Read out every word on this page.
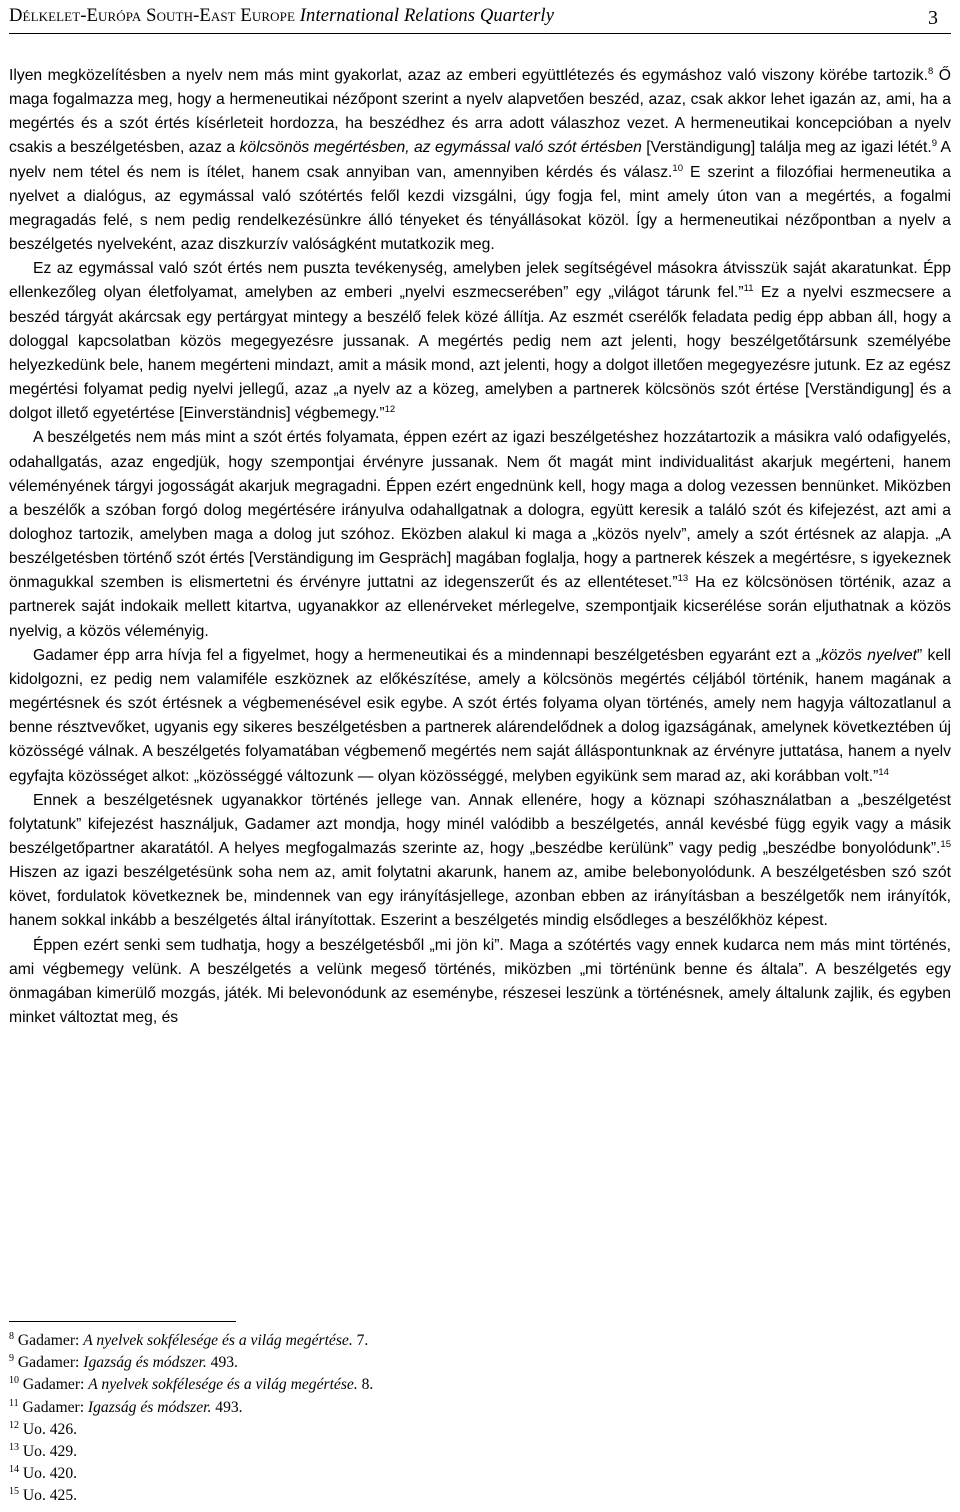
Délkelet-Európa South-East Europe International Relations Quarterly	3

Ilyen megközelítésben a nyelv nem más mint gyakorlat, azaz az emberi együttlétezés és egymáshoz való viszony körébe tartozik.$^8$ Ő maga fogalmazza meg, hogy a hermeneutikai nézőpont szerint a nyelv alapvetően beszéd, azaz, csak akkor lehet igazán az, ami, ha a megértés és a szót értés kísérleteit hordozza, ha beszédhez és arra adott válaszhoz vezet. A hermeneutikai koncepcióban a nyelv csakis a beszélgetésben, azaz a kölcsönös megértésben, az egymással való szót értésben [Verständigung] találja meg az igazi létét.$^9$ A nyelv nem tétel és nem is ítélet, hanem csak annyiban van, amennyiben kérdés és válasz.$^{10}$ E szerint a filozófiai hermeneutika a nyelvet a dialógus, az egymással való szótértés felől kezdi vizsgálni, úgy fogja fel, mint amely úton van a megértés, a fogalmi megragadás felé, s nem pedig rendelkezésünkre álló tényeket és tényállásokat közöl. Így a hermeneutikai nézőpontban a nyelv a beszélgetés nyelveként, azaz diszkurzív valóságként mutatkozik meg.

Ez az egymással való szót értés nem puszta tevékenység, amelyben jelek segítségével másokra átvisszük saját akaratunkat. Épp ellenkezőleg olyan életfolyamat, amelyben az emberi „nyelvi eszmecserében” egy „világot tárunk fel.”$^{11}$ Ez a nyelvi eszmecsere a beszéd tárgyát akárcsak egy pertárgyat mintegy a beszélő felek közé állítja. Az eszmét cserélők feladata pedig épp abban áll, hogy a dologgal kapcsolatban közös megegyezésre jussanak. A megértés pedig nem azt jelenti, hogy beszélgetőtársunk személyébe helyezkedünk bele, hanem megérteni mindazt, amit a másik mond, azt jelenti, hogy a dolgot illetően megegyezésre jutunk. Ez az egész megértési folyamat pedig nyelvi jellegű, azaz „a nyelv az a közeg, amelyben a partnerek kölcsönös szót értése [Verständigung] és a dolgot illető egyetértése [Einverständnis] végbemegy.”$^{12}$

A beszélgetés nem más mint a szót értés folyamata, éppen ezért az igazi beszélgetéshez hozzátartozik a másikra való odafigyelés, odahallgatás, azaz engedjük, hogy szempontjai érvényre jussanak. Nem őt magát mint individualitást akarjuk megérteni, hanem véleményének tárgyi jogosságát akarjuk megragadni. Éppen ezért engednünk kell, hogy maga a dolog vezessen bennünket. Miközben a beszélők a szóban forgó dolog megértésére irányulva odahallgatnak a dologra, együtt keresik a találó szót és kifejezést, azt ami a dologhoz tartozik, amelyben maga a dolog jut szóhoz. Eközben alakul ki maga a „közös nyelv”, amely a szót értésnek az alapja. „A beszélgetésben történő szót értés [Verständigung im Gespräch] magában foglalja, hogy a partnerek készek a megértésre, s igyekeznek önmagukkal szemben is elismertetni és érvényre juttatni az idegenszerűt és az ellentéteset.”$^{13}$ Ha ez kölcsönösen történik, azaz a partnerek saját indokaik mellett kitartva, ugyanakkor az ellenérveket mérlegelve, szempontjaik kicserélése során eljuthatnak a közös nyelvig, a közös véleményig.

Gadamer épp arra hívja fel a figyelmet, hogy a hermeneutikai és a mindennapi beszélgetésben egyaránt ezt a „közös nyelvet” kell kidolgozni, ez pedig nem valamiféle eszköznek az előkészítése, amely a kölcsönös megértés céljából történik, hanem magának a megértésnek és szót értésnek a végbemenésével esik egybe. A szót értés folyama olyan történés, amely nem hagyja változatlanul a benne résztvevőket, ugyanis egy sikeres beszélgetésben a partnerek alárendelődnek a dolog igazságának, amelynek következtében új közösségé válnak. A beszélgetés folyamatában végbemenő megértés nem saját álláspontunknak az érvényre juttatása, hanem a nyelv egyfajta közösséget alkot: „közösséggé változunk — olyan közösséggé, melyben egyikünk sem marad az, aki korábban volt.”$^{14}$

Ennek a beszélgetésnek ugyanakkor történés jellege van. Annak ellenére, hogy a köznapi szóhasználatban a „beszélgetést folytatunk” kifejezést használjuk, Gadamer azt mondja, hogy minél valódibb a beszélgetés, annál kevésbé függ egyik vagy a másik beszélgetőpartner akaratától. A helyes megfogalmazás szerinte az, hogy „beszédbe kerülünk” vagy pedig „beszédbe bonyolódunk”.$^{15}$ Hiszen az igazi beszélgetésünk soha nem az, amit folytatni akarunk, hanem az, amibe belebonyolódunk. A beszélgetésben szó szót követ, fordulatok következnek be, mindennek van egy irányításjellege, azonban ebben az irányításban a beszélgetők nem irányítók, hanem sokkal inkább a beszélgetés által irányítottak. Eszerint a beszélgetés mindig elsődleges a beszélőkhöz képest.

Éppen ezért senki sem tudhatja, hogy a beszélgetésből „mi jön ki”. Maga a szótértés vagy ennek kudarca nem más mint történés, ami végbemegy velünk. A beszélgetés a velünk megeső történés, miközben „mi történünk benne és általa”. A beszélgetés egy önmagában kimerülő mozgás, játék. Mi belevonódunk az eseménybe, részesei leszünk a történésnek, amely általunk zajlik, és egyben minket változtat meg, és

$^8$ Gadamer: A nyelvek sokfélesége és a világ megértése. 7.
$^9$ Gadamer: Igazság és módszer. 493.
$^{10}$ Gadamer: A nyelvek sokfélesége és a világ megértése. 8.
$^{11}$ Gadamer: Igazság és módszer. 493.
$^{12}$ Uo. 426.
$^{13}$ Uo. 429.
$^{14}$ Uo. 420.
$^{15}$ Uo. 425.
